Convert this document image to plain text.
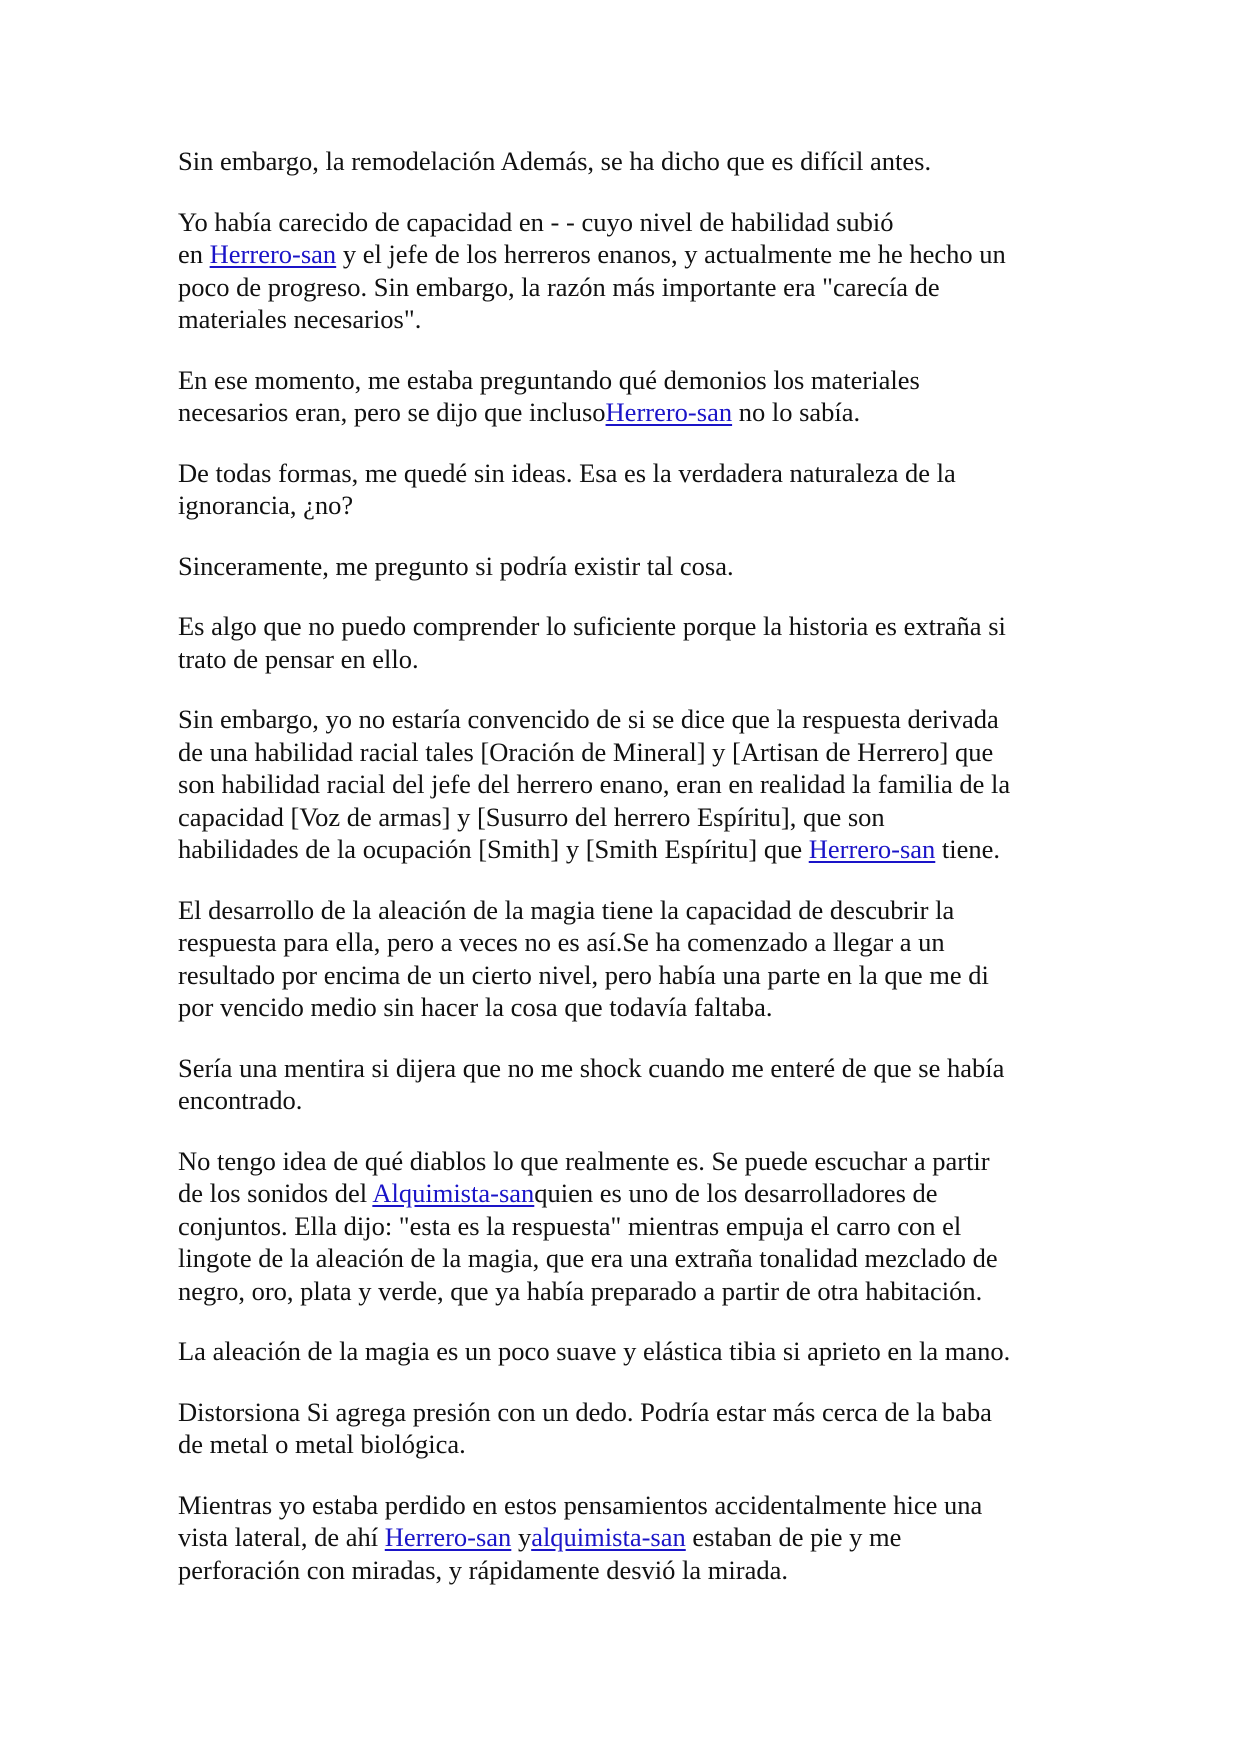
Sin embargo, la remodelación Además, se ha dicho que es difícil antes.

Yo había carecido de capacidad en - - cuyo nivel de habilidad subió
en Herrero-san y el jefe de los herreros enanos, y actualmente me he hecho un
poco de progreso. Sin embargo, la razón más importante era "carecía de
materiales necesarios".

En ese momento, me estaba preguntando qué demonios los materiales
necesarios eran, pero se dijo que inclusoHerrero-san no lo sabía.

De todas formas, me quedé sin ideas. Esa es la verdadera naturaleza de la
ignorancia, ¿no?

Sinceramente, me pregunto si podría existir tal cosa.

Es algo que no puedo comprender lo suficiente porque la historia es extraña si
trato de pensar en ello.

Sin embargo, yo no estaría convencido de si se dice que la respuesta derivada
de una habilidad racial tales [Oración de Mineral] y [Artisan de Herrero] que
son habilidad racial del jefe del herrero enano, eran en realidad la familia de la
capacidad [Voz de armas] y [Susurro del herrero Espíritu], que son
habilidades de la ocupación [Smith] y [Smith Espíritu] que Herrero-san tiene.

El desarrollo de la aleación de la magia tiene la capacidad de descubrir la
respuesta para ella, pero a veces no es así.Se ha comenzado a llegar a un
resultado por encima de un cierto nivel, pero había una parte en la que me di
por vencido medio sin hacer la cosa que todavía faltaba.

Sería una mentira si dijera que no me shock cuando me enteré de que se había
encontrado.

No tengo idea de qué diablos lo que realmente es. Se puede escuchar a partir
de los sonidos del Alquimista-sanquien es uno de los desarrolladores de
conjuntos. Ella dijo: "esta es la respuesta" mientras empuja el carro con el
lingote de la aleación de la magia, que era una extraña tonalidad mezclado de
negro, oro, plata y verde, que ya había preparado a partir de otra habitación.

La aleación de la magia es un poco suave y elástica tibia si aprieto en la mano.

Distorsiona Si agrega presión con un dedo. Podría estar más cerca de la baba
de metal o metal biológica.

Mientras yo estaba perdido en estos pensamientos accidentalmente hice una
vista lateral, de ahí Herrero-san yalquimista-san estaban de pie y me
perforación con miradas, y rápidamente desvió la mirada.
